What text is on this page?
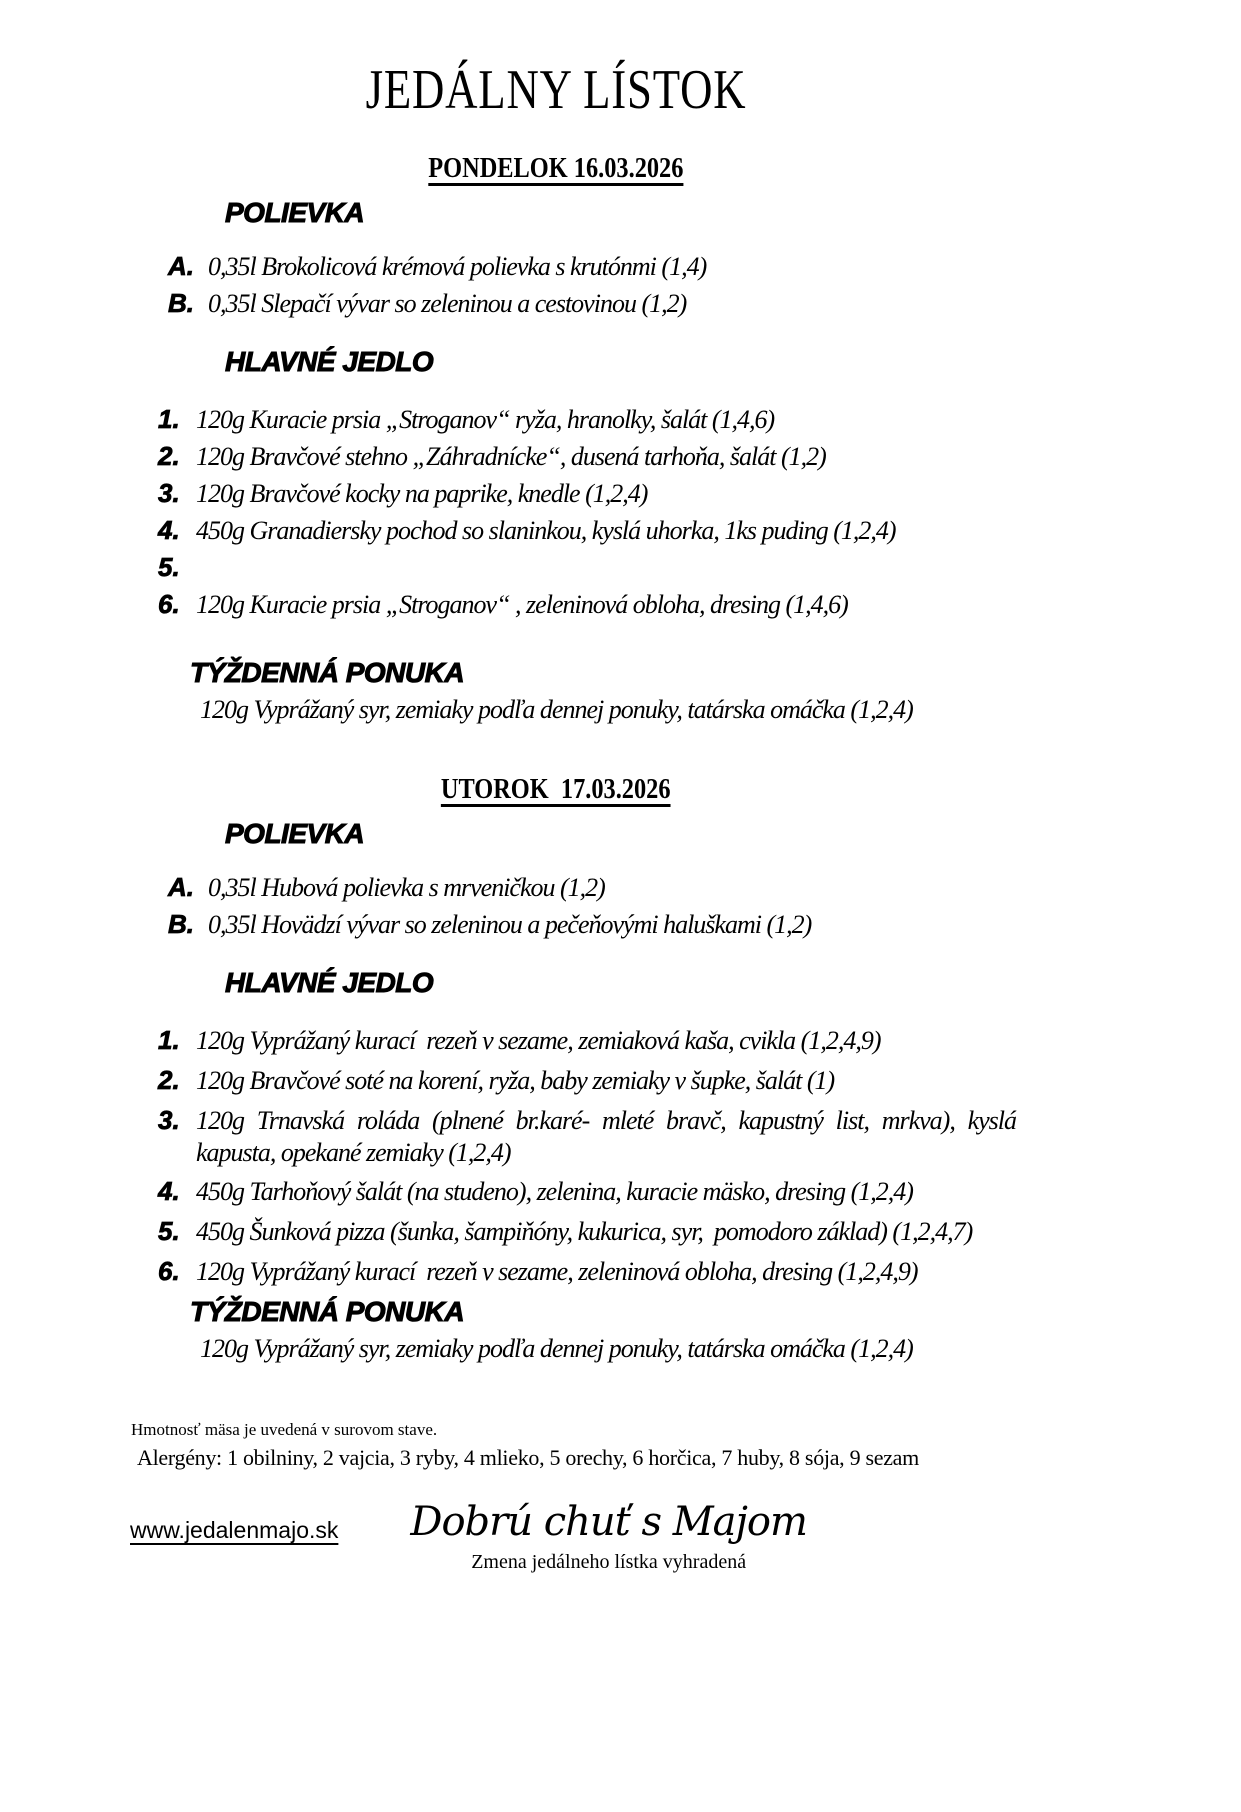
JEDÁLNY LÍSTOK
PONDELOK 16.03.2026
POLIEVKA
A. 0,35l Brokolicová krémová polievka s krutónmi (1,4)
B. 0,35l Slepačí vývar so zeleninou a cestovinou (1,2)
HLAVNÉ JEDLO
1. 120g Kuracie prsia „Stroganov“ ryža, hranolky, šalát (1,4,6)
2. 120g Bravčové stehno „Záhradnícke“, dusená tarhoňa, šalát (1,2)
3. 120g Bravčové kocky na paprike, knedle (1,2,4)
4. 450g Granadiersky pochod so slaninkou, kyslá uhorka, 1ks puding (1,2,4)
5.
6. 120g Kuracie prsia „Stroganov“ , zeleninová obloha, dresing (1,4,6)
TÝŽDENNÁ PONUKA
120g Vyprážaný syr, zemiaky podľa dennej ponuky, tatárska omáčka (1,2,4)
UTOROK  17.03.2026
POLIEVKA
A. 0,35l Hubová polievka s mrveničkou (1,2)
B. 0,35l Hovädzí vývar so zeleninou a pečeňovými haluškami (1,2)
HLAVNÉ JEDLO
1. 120g Vyprážaný kurací  rezeň v sezame, zemiaková kaša, cvikla (1,2,4,9)
2. 120g Bravčové soté na korení, ryža, baby zemiaky v šupke, šalát (1)
3. 120g Trnavská roláda (plnené br.karé- mleté bravč, kapustný list, mrkva), kyslá kapusta, opekané zemiaky (1,2,4)
4. 450g Tarhoňový šalát (na studeno), zelenina, kuracie mäsko, dresing (1,2,4)
5. 450g Šunková pizza (šunka, šampiňóny, kukurica, syr,  pomodoro základ) (1,2,4,7)
6. 120g Vyprážaný kurací  rezeň v sezame, zeleninová obloha, dresing (1,2,4,9)
TÝŽDENNÁ PONUKA
120g Vyprážaný syr, zemiaky podľa dennej ponuky, tatárska omáčka (1,2,4)
Hmotnosť mäsa je uvedená v surovom stave.
Alergény: 1 obilniny, 2 vajcia, 3 ryby, 4 mlieko, 5 orechy, 6 horčica, 7 huby, 8 sója, 9 sezam
www.jedalenmajo.sk Dobrú chuť s Majom
Zmena jedálneho lístka vyhradená
